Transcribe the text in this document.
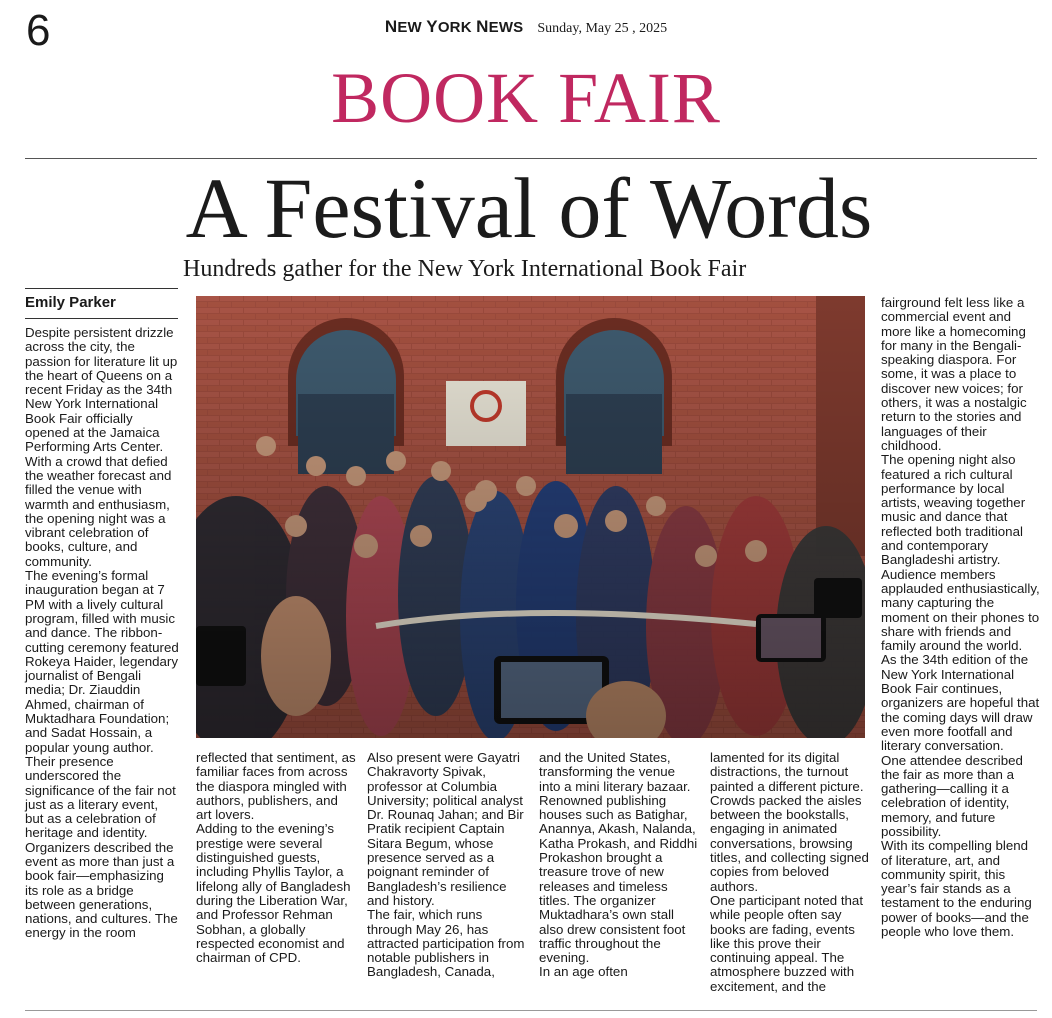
6	NEW YORK NEWS Sunday, May 25 , 2025
BOOK FAIR
A Festival of Words
Hundreds gather for the New York International Book Fair
Emily Parker

Despite persistent drizzle across the city, the passion for literature lit up the heart of Queens on a recent Friday as the 34th New York International Book Fair officially opened at the Jamaica Performing Arts Center. With a crowd that defied the weather forecast and filled the venue with warmth and enthusiasm, the opening night was a vibrant celebration of books, culture, and community.

The evening’s formal inauguration began at 7 PM with a lively cultural program, filled with music and dance. The ribbon-cutting ceremony featured Rokeya Haider, legendary journalist of Bengali media; Dr. Ziauddin Ahmed, chairman of Muktadhara Foundation; and Sadat Hossain, a popular young author. Their presence underscored the significance of the fair not just as a literary event, but as a celebration of heritage and identity.

Organizers described the event as more than just a book fair—emphasizing its role as a bridge between generations, nations, and cultures. The energy in the room

reflected that sentiment, as familiar faces from across the diaspora mingled with authors, publishers, and art lovers.

Adding to the evening’s prestige were several distinguished guests, including Phyllis Taylor, a lifelong ally of Bangladesh during the Liberation War, and Professor Rehman Sobhan, a globally respected economist and chairman of CPD.

Also present were Gayatri Chakravorty Spivak, professor at Columbia University; political analyst Dr. Rounaq Jahan; and Bir Pratik recipient Captain Sitara Begum, whose presence served as a poignant reminder of Bangladesh’s resilience and history.

The fair, which runs through May 26, has attracted participation from notable publishers in Bangladesh, Canada,

and the United States, transforming the venue into a mini literary bazaar. Renowned publishing houses such as Batighar, Anannya, Akash, Nalanda, Katha Prokash, and Riddhi Prokashon brought a treasure trove of new releases and timeless titles. The organizer Muktadhara’s own stall also drew consistent foot traffic throughout the evening.

In an age often

lamented for its digital distractions, the turnout painted a different picture. Crowds packed the aisles between the bookstalls, engaging in animated conversations, browsing titles, and collecting signed copies from beloved authors.

One participant noted that while people often say books are fading, events like this prove their continuing appeal. The atmosphere buzzed with excitement, and the

fairground felt less like a commercial event and more like a homecoming for many in the Bengali-speaking diaspora. For some, it was a place to discover new voices; for others, it was a nostalgic return to the stories and languages of their childhood.

The opening night also featured a rich cultural performance by local artists, weaving together music and dance that reflected both traditional and contemporary Bangladeshi artistry. Audience members applauded enthusiastically, many capturing the moment on their phones to share with friends and family around the world.

As the 34th edition of the New York International Book Fair continues, organizers are hopeful that the coming days will draw even more footfall and literary conversation.

One attendee described the fair as more than a gathering—calling it a celebration of identity, memory, and future possibility.

With its compelling blend of literature, art, and community spirit, this year’s fair stands as a testament to the enduring power of books—and the people who love them.
